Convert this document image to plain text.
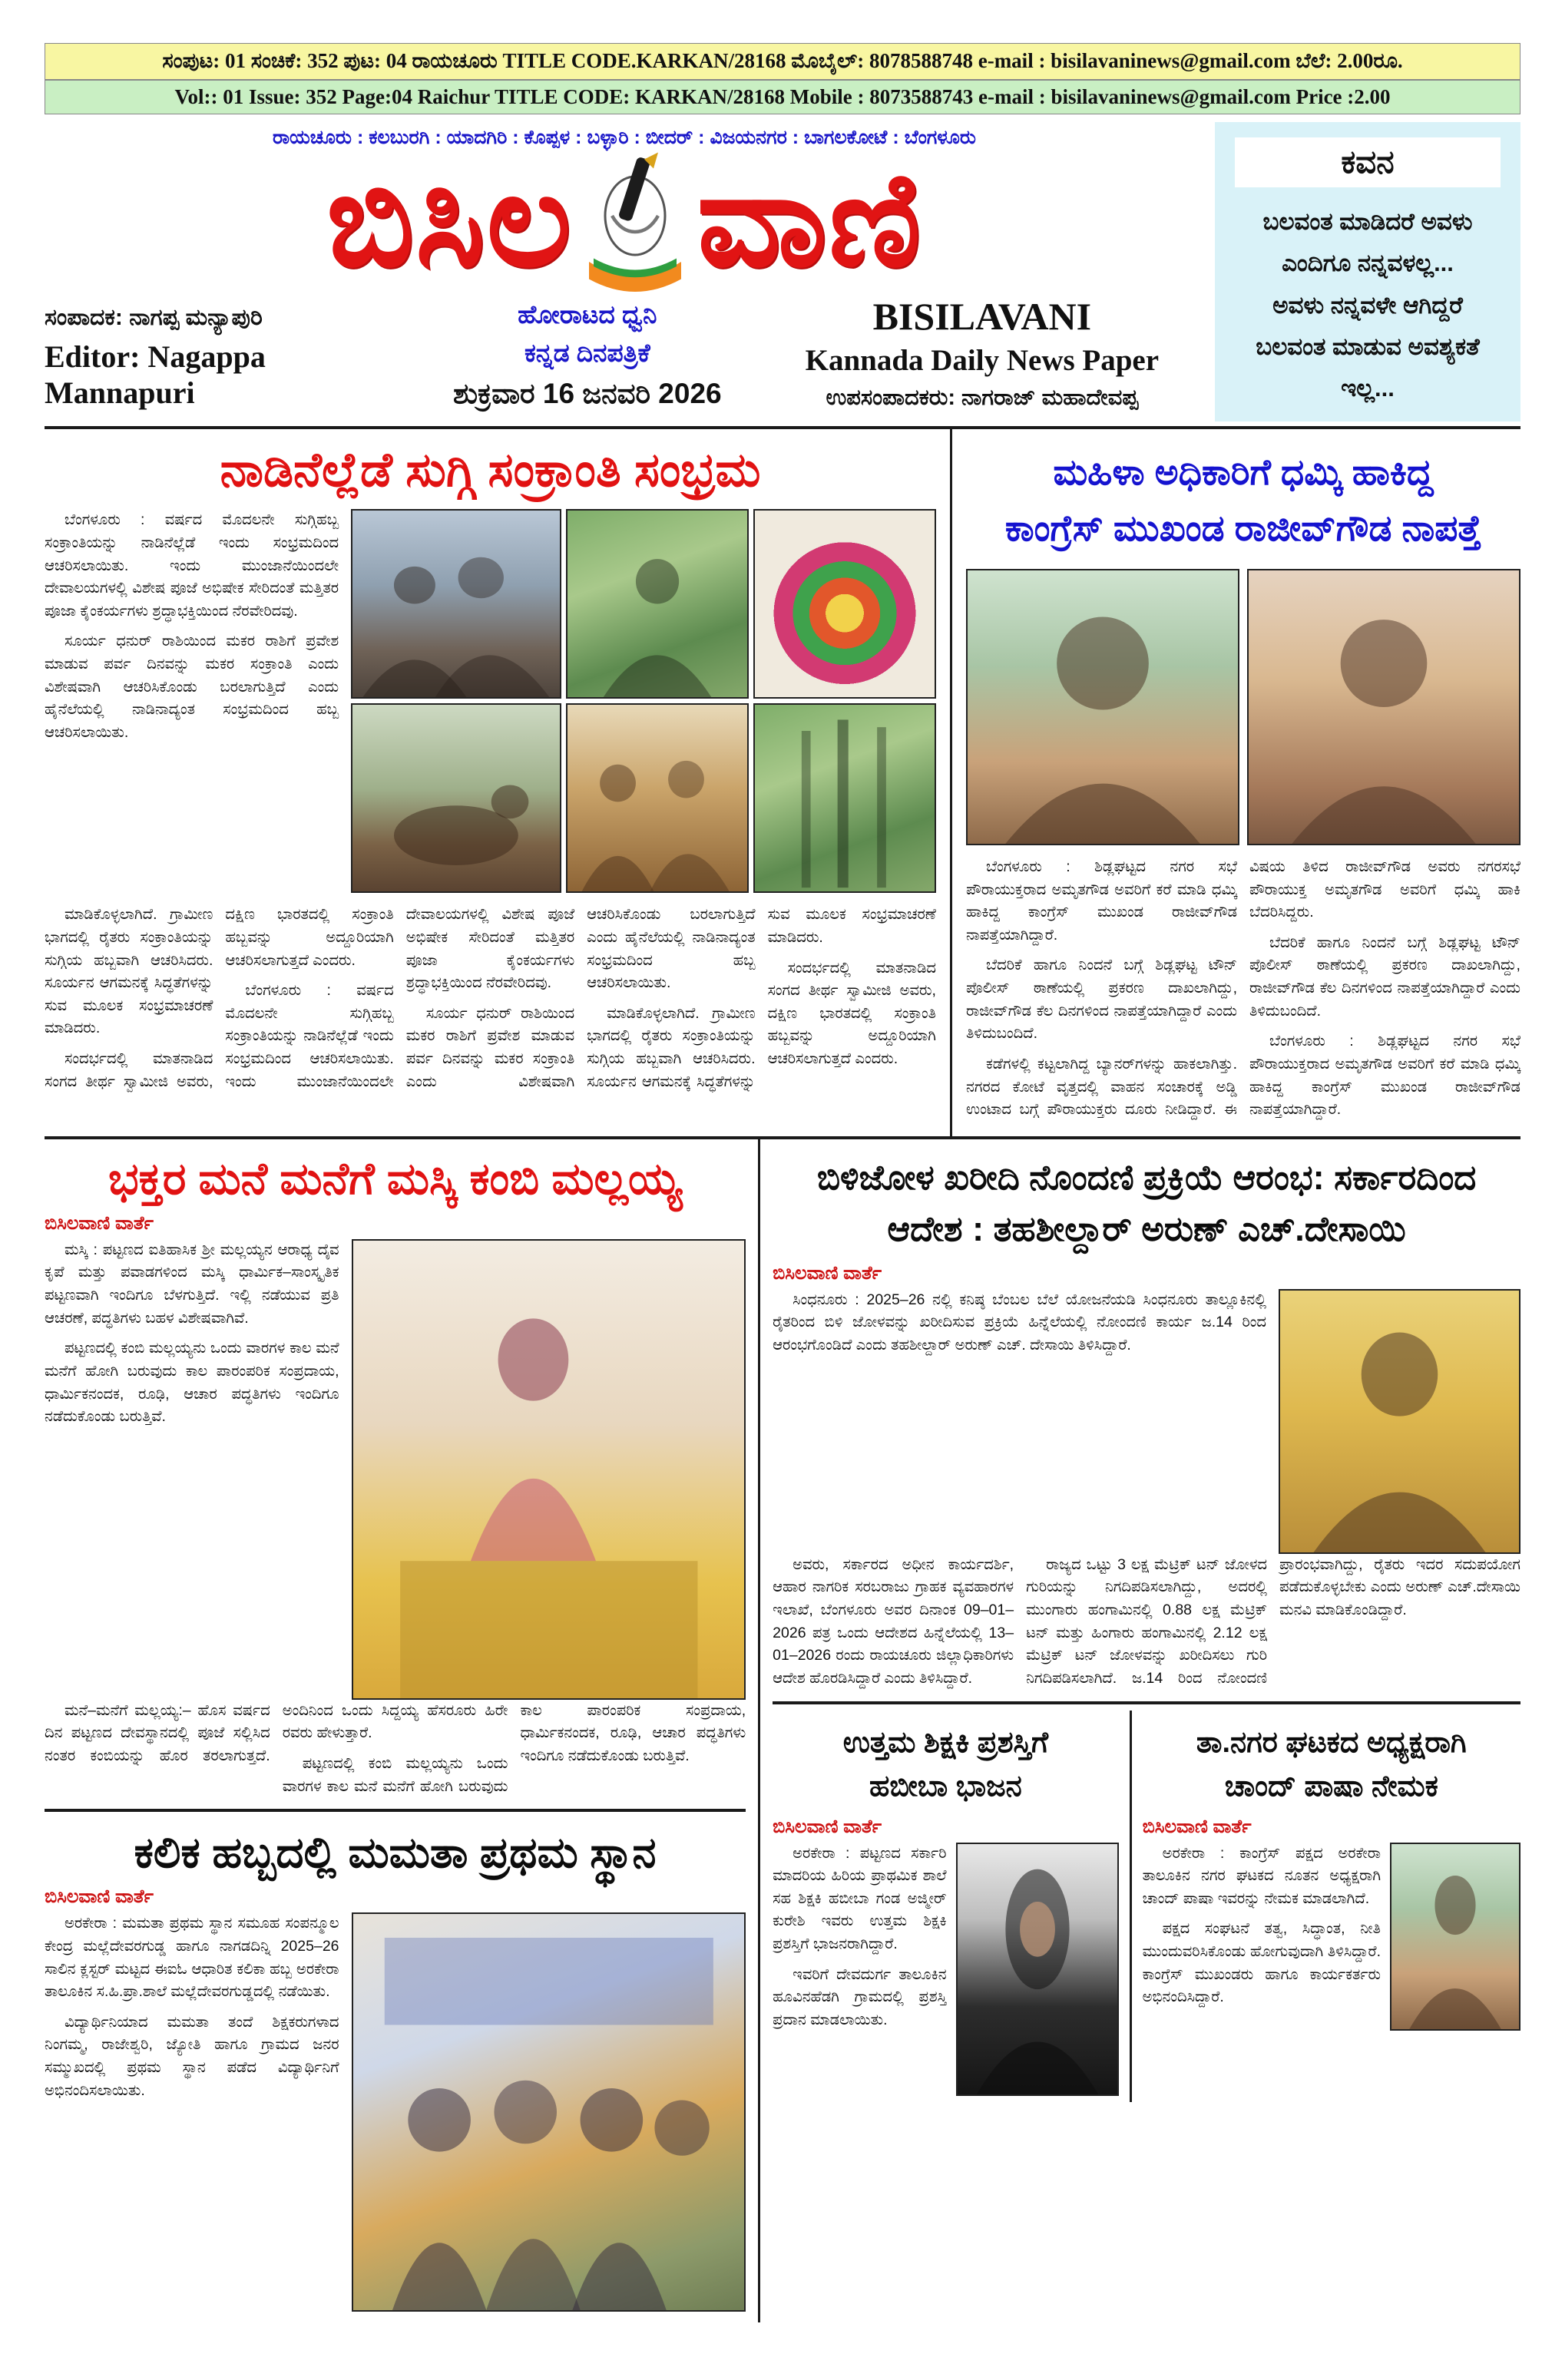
ಸಂಪುಟ: 01 ಸಂಚಿಕೆ: 352 ಪುಟ: 04 ರಾಯಚೂರು TITLE CODE.KARKAN/28168 ಮೊಬೈಲ್: 8078588748 e-mail : bisilavaninews@gmail.com ಬೆಲೆ: 2.00ರೂ.
Vol:: 01 Issue: 352 Page:04 Raichur TITLE CODE: KARKAN/28168 Mobile : 8073588743 e-mail : bisilavaninews@gmail.com Price :2.00
ರಾಯಚೂರು : ಕಲಬುರಗಿ : ಯಾದಗಿರಿ : ಕೊಪ್ಪಳ : ಬಳ್ಳಾರಿ : ಬೀದರ್ : ವಿಜಯನಗರ : ಬಾಗಲಕೋಟೆ : ಬೆಂಗಳೂರು
ಬಿಸಿಲ ವಾಣಿ
ಸಂಪಾದಕ: ನಾಗಪ್ಪ ಮನ್ಯಾಪುರಿ
Editor: Nagappa Mannapuri
ಹೋರಾಟದ ಧ್ವನಿ
ಕನ್ನಡ ದಿನಪತ್ರಿಕೆ
ಶುಕ್ರವಾರ 16 ಜನವರಿ 2026
BISILAVANI
Kannada Daily News Paper
ಉಪಸಂಪಾದಕರು: ನಾಗರಾಜ್ ಮಹಾದೇವಪ್ಪ
ಕವನ
ಬಲವಂತ ಮಾಡಿದರೆ ಅವಳು
ಎಂದಿಗೂ ನನ್ನವಳಲ್ಲ...
ಅವಳು ನನ್ನವಳೇ ಆಗಿದ್ದರೆ
ಬಲವಂತ ಮಾಡುವ ಅವಶ್ಯಕತೆ
ಇಲ್ಲ...
ನಾಡಿನೆಲ್ಲೆಡೆ ಸುಗ್ಗಿ ಸಂಕ್ರಾಂತಿ ಸಂಭ್ರಮ

ಬೆಂಗಳೂರು : ವರ್ಷದ ಮೊದಲನೇ ಸುಗ್ಗಿಹಬ್ಬ ಸಂಕ್ರಾಂತಿಯನ್ನು ನಾಡಿನೆಲ್ಲೆಡೆ ಇಂದು ಸಂಭ್ರಮದಿಂದ ಆಚರಿಸಲಾಯಿತು. ಇಂದು ಮುಂಜಾನೆಯಿಂದಲೇ ದೇವಾಲಯಗಳಲ್ಲಿ ವಿಶೇಷ ಪೂಜೆ ಅಭಿಷೇಕ ಸೇರಿದಂತೆ ಮತ್ತಿತರ ಪೂಜಾ ಕೈಂಕರ್ಯಗಳು ಶ್ರದ್ಧಾಭಕ್ತಿಯಿಂದ ನೆರವೇರಿದವು.

ಸೂರ್ಯ ಧನುರ್ ರಾಶಿಯಿಂದ ಮಕರ ರಾಶಿಗೆ ಪ್ರವೇಶ ಮಾಡುವ ಪರ್ವ ದಿನವನ್ನು ಮಕರ ಸಂಕ್ರಾಂತಿ ಎಂದು ವಿಶೇಷವಾಗಿ ಆಚರಿಸಿಕೊಂಡು ಬರಲಾಗುತ್ತಿದೆ ಎಂದು ಹೈನೆಲೆಯಲ್ಲಿ ನಾಡಿನಾದ್ಯಂತ ಸಂಭ್ರಮದಿಂದ ಹಬ್ಬ ಆಚರಿಸಲಾಯಿತು.

ಮಾಡಿಕೊಳ್ಳಲಾಗಿದೆ. ಗ್ರಾಮೀಣ ಭಾಗದಲ್ಲಿ ರೈತರು ಸಂಕ್ರಾಂತಿಯನ್ನು ಸುಗ್ಗಿಯ ಹಬ್ಬವಾಗಿ ಆಚರಿಸಿದರು. ಸೂರ್ಯನ ಆಗಮನಕ್ಕೆ ಸಿದ್ಧತೆಗಳನ್ನು ಸುವ ಮೂಲಕ ಸಂಭ್ರಮಾಚರಣೆ ಮಾಡಿದರು.

ಸಂದರ್ಭದಲ್ಲಿ ಮಾತನಾಡಿದ ಸಂಗದ ತೀರ್ಥ ಸ್ವಾಮೀಜಿ ಅವರು, ದಕ್ಷಿಣ ಭಾರತದಲ್ಲಿ ಸಂಕ್ರಾಂತಿ ಹಬ್ಬವನ್ನು ಅದ್ದೂರಿಯಾಗಿ ಆಚರಿಸಲಾಗುತ್ತದೆ ಎಂದರು.

ಬೆಂಗಳೂರು : ವರ್ಷದ ಮೊದಲನೇ ಸುಗ್ಗಿಹಬ್ಬ ಸಂಕ್ರಾಂತಿಯನ್ನು ನಾಡಿನೆಲ್ಲೆಡೆ ಇಂದು ಸಂಭ್ರಮದಿಂದ ಆಚರಿಸಲಾಯಿತು. ಇಂದು ಮುಂಜಾನೆಯಿಂದಲೇ ದೇವಾಲಯಗಳಲ್ಲಿ ವಿಶೇಷ ಪೂಜೆ ಅಭಿಷೇಕ ಸೇರಿದಂತೆ ಮತ್ತಿತರ ಪೂಜಾ ಕೈಂಕರ್ಯಗಳು ಶ್ರದ್ಧಾಭಕ್ತಿಯಿಂದ ನೆರವೇರಿದವು.

ಸೂರ್ಯ ಧನುರ್ ರಾಶಿಯಿಂದ ಮಕರ ರಾಶಿಗೆ ಪ್ರವೇಶ ಮಾಡುವ ಪರ್ವ ದಿನವನ್ನು ಮಕರ ಸಂಕ್ರಾಂತಿ ಎಂದು ವಿಶೇಷವಾಗಿ ಆಚರಿಸಿಕೊಂಡು ಬರಲಾಗುತ್ತಿದೆ ಎಂದು ಹೈನೆಲೆಯಲ್ಲಿ ನಾಡಿನಾದ್ಯಂತ ಸಂಭ್ರಮದಿಂದ ಹಬ್ಬ ಆಚರಿಸಲಾಯಿತು.

ಮಾಡಿಕೊಳ್ಳಲಾಗಿದೆ. ಗ್ರಾಮೀಣ ಭಾಗದಲ್ಲಿ ರೈತರು ಸಂಕ್ರಾಂತಿಯನ್ನು ಸುಗ್ಗಿಯ ಹಬ್ಬವಾಗಿ ಆಚರಿಸಿದರು. ಸೂರ್ಯನ ಆಗಮನಕ್ಕೆ ಸಿದ್ಧತೆಗಳನ್ನು ಸುವ ಮೂಲಕ ಸಂಭ್ರಮಾಚರಣೆ ಮಾಡಿದರು.

ಸಂದರ್ಭದಲ್ಲಿ ಮಾತನಾಡಿದ ಸಂಗದ ತೀರ್ಥ ಸ್ವಾಮೀಜಿ ಅವರು, ದಕ್ಷಿಣ ಭಾರತದಲ್ಲಿ ಸಂಕ್ರಾಂತಿ ಹಬ್ಬವನ್ನು ಅದ್ದೂರಿಯಾಗಿ ಆಚರಿಸಲಾಗುತ್ತದೆ ಎಂದರು.

ಮಹಿಳಾ ಅಧಿಕಾರಿಗೆ ಧಮ್ಕಿ ಹಾಕಿದ್ದ
ಕಾಂಗ್ರೆಸ್ ಮುಖಂಡ ರಾಜೀವ್‌ಗೌಡ ನಾಪತ್ತೆ

ಬೆಂಗಳೂರು : ಶಿಡ್ಲಘಟ್ಟದ ನಗರ ಸಭೆ ಪೌರಾಯುಕ್ತರಾದ ಅಮೃತಗೌಡ ಅವರಿಗೆ ಕರೆ ಮಾಡಿ ಧಮ್ಕಿ ಹಾಕಿದ್ದ ಕಾಂಗ್ರೆಸ್ ಮುಖಂಡ ರಾಜೀವ್‌ಗೌಡ ನಾಪತ್ತೆಯಾಗಿದ್ದಾರೆ.

ಬೆದರಿಕೆ ಹಾಗೂ ನಿಂದನೆ ಬಗ್ಗೆ ಶಿಡ್ಲಘಟ್ಟ ಟೌನ್ ಪೊಲೀಸ್ ಠಾಣೆಯಲ್ಲಿ ಪ್ರಕರಣ ದಾಖಲಾಗಿದ್ದು, ರಾಜೀವ್‌ಗೌಡ ಕೆಲ ದಿನಗಳಿಂದ ನಾಪತ್ತೆಯಾಗಿದ್ದಾರೆ ಎಂದು ತಿಳಿದುಬಂದಿದೆ.

ಕಡೆಗಳಲ್ಲಿ ಕಟ್ಟಲಾಗಿದ್ದ ಬ್ಯಾನರ್‌ಗಳನ್ನು ಹಾಕಲಾಗಿತ್ತು. ನಗರದ ಕೋಟೆ ವೃತ್ತದಲ್ಲಿ ವಾಹನ ಸಂಚಾರಕ್ಕೆ ಅಡ್ಡಿ ಉಂಟಾದ ಬಗ್ಗೆ ಪೌರಾಯುಕ್ತರು ದೂರು ನೀಡಿದ್ದಾರೆ. ಈ ವಿಷಯ ತಿಳಿದ ರಾಜೀವ್‌ಗೌಡ ಅವರು ನಗರಸಭೆ ಪೌರಾಯುಕ್ತ ಅಮೃತಗೌಡ ಅವರಿಗೆ ಧಮ್ಕಿ ಹಾಕಿ ಬೆದರಿಸಿದ್ದರು.

ಬೆದರಿಕೆ ಹಾಗೂ ನಿಂದನೆ ಬಗ್ಗೆ ಶಿಡ್ಲಘಟ್ಟ ಟೌನ್ ಪೊಲೀಸ್ ಠಾಣೆಯಲ್ಲಿ ಪ್ರಕರಣ ದಾಖಲಾಗಿದ್ದು, ರಾಜೀವ್‌ಗೌಡ ಕೆಲ ದಿನಗಳಿಂದ ನಾಪತ್ತೆಯಾಗಿದ್ದಾರೆ ಎಂದು ತಿಳಿದುಬಂದಿದೆ.

ಬೆಂಗಳೂರು : ಶಿಡ್ಲಘಟ್ಟದ ನಗರ ಸಭೆ ಪೌರಾಯುಕ್ತರಾದ ಅಮೃತಗೌಡ ಅವರಿಗೆ ಕರೆ ಮಾಡಿ ಧಮ್ಕಿ ಹಾಕಿದ್ದ ಕಾಂಗ್ರೆಸ್ ಮುಖಂಡ ರಾಜೀವ್‌ಗೌಡ ನಾಪತ್ತೆಯಾಗಿದ್ದಾರೆ.

ಭಕ್ತರ ಮನೆ ಮನೆಗೆ ಮಸ್ಕಿ ಕಂಬಿ ಮಲ್ಲಯ್ಯ
ಬಿಸಿಲವಾಣಿ ವಾರ್ತೆ

ಮಸ್ಕಿ : ಪಟ್ಟಣದ ಐತಿಹಾಸಿಕ ಶ್ರೀ ಮಲ್ಲಯ್ಯನ ಆರಾಧ್ಯ ದೈವ ಕೃಪೆ ಮತ್ತು ಪವಾಡಗಳಿಂದ ಮಸ್ಕಿ ಧಾರ್ಮಿಕ–ಸಾಂಸ್ಕೃತಿಕ ಪಟ್ಟಣವಾಗಿ ಇಂದಿಗೂ ಬೆಳಗುತ್ತಿದೆ. ಇಲ್ಲಿ ನಡೆಯುವ ಪ್ರತಿ ಆಚರಣೆ, ಪದ್ಧತಿಗಳು ಬಹಳ ವಿಶೇಷವಾಗಿವೆ.

ಪಟ್ಟಣದಲ್ಲಿ ಕಂಬಿ ಮಲ್ಲಯ್ಯನು ಒಂದು ವಾರಗಳ ಕಾಲ ಮನೆ ಮನೆಗೆ ಹೋಗಿ ಬರುವುದು ಕಾಲ ಪಾರಂಪರಿಕ ಸಂಪ್ರದಾಯ, ಧಾರ್ಮಿಕನಂದಕ, ರೂಢಿ, ಆಚಾರ ಪದ್ಧತಿಗಳು ಇಂದಿಗೂ ನಡೆದುಕೊಂಡು ಬರುತ್ತಿವೆ.

ಮನೆ–ಮನೆಗೆ ಮಲ್ಲಯ್ಯ:– ಹೊಸ ವರ್ಷದ ದಿನ ಪಟ್ಟಣದ ದೇವಸ್ಥಾನದಲ್ಲಿ ಪೂಜೆ ಸಲ್ಲಿಸಿದ ನಂತರ ಕಂಬಿಯನ್ನು ಹೊರ ತರಲಾಗುತ್ತದೆ. ಅಂದಿನಿಂದ ಒಂದು ಸಿದ್ದಯ್ಯ ಹೆಸರೂರು ಹಿರೇ ರವರು ಹೇಳುತ್ತಾರೆ.

ಪಟ್ಟಣದಲ್ಲಿ ಕಂಬಿ ಮಲ್ಲಯ್ಯನು ಒಂದು ವಾರಗಳ ಕಾಲ ಮನೆ ಮನೆಗೆ ಹೋಗಿ ಬರುವುದು ಕಾಲ ಪಾರಂಪರಿಕ ಸಂಪ್ರದಾಯ, ಧಾರ್ಮಿಕನಂದಕ, ರೂಢಿ, ಆಚಾರ ಪದ್ಧತಿಗಳು ಇಂದಿಗೂ ನಡೆದುಕೊಂಡು ಬರುತ್ತಿವೆ.

ಕಲಿಕ ಹಬ್ಬದಲ್ಲಿ ಮಮತಾ ಪ್ರಥಮ ಸ್ಥಾನ
ಬಿಸಿಲವಾಣಿ ವಾರ್ತೆ

ಅರಕೇರಾ : ಮಮತಾ ಪ್ರಥಮ ಸ್ಥಾನ ಸಮೂಹ ಸಂಪನ್ಮೂಲ ಕೇಂದ್ರ ಮಲ್ಲೆದೇವರಗುಡ್ಡ ಹಾಗೂ ನಾಗಡದಿನ್ನಿ 2025–26 ಸಾಲಿನ ಕ್ಲಸ್ಟರ್ ಮಟ್ಟದ ಈಐಓ ಆಧಾರಿತ ಕಲಿಕಾ ಹಬ್ಬ ಅರಕೇರಾ ತಾಲೂಕಿನ ಸ.ಹಿ.ಪ್ರಾ.ಶಾಲೆ ಮಲ್ಲೆದೇವರಗುಡ್ಡದಲ್ಲಿ ನಡೆಯಿತು.

ವಿದ್ಯಾರ್ಥಿನಿಯಾದ ಮಮತಾ ತಂದೆ ಶಿಕ್ಷಕರುಗಳಾದ ನಿಂಗಮ್ಮ, ರಾಜೇಶ್ವರಿ, ಜ್ಯೋತಿ ಹಾಗೂ ಗ್ರಾಮದ ಜನರ ಸಮ್ಮುಖದಲ್ಲಿ ಪ್ರಥಮ ಸ್ಥಾನ ಪಡೆದ ವಿದ್ಯಾರ್ಥಿನಿಗೆ ಅಭಿನಂದಿಸಲಾಯಿತು.

ಬಿಳಿಜೋಳ ಖರೀದಿ ನೊಂದಣಿ ಪ್ರಕ್ರಿಯೆ ಆರಂಭ: ಸರ್ಕಾರದಿಂದ
ಆದೇಶ : ತಹಶೀಲ್ದಾರ್ ಅರುಣ್ ಎಚ್.ದೇಸಾಯಿ
ಬಿಸಿಲವಾಣಿ ವಾರ್ತೆ

ಸಿಂಧನೂರು : 2025–26 ನಲ್ಲಿ ಕನಿಷ್ಠ ಬೆಂಬಲ ಬೆಲೆ ಯೋಜನೆಯಡಿ ಸಿಂಧನೂರು ತಾಲ್ಲೂಕಿನಲ್ಲಿ ರೈತರಿಂದ ಬಿಳಿ ಜೋಳವನ್ನು ಖರೀದಿಸುವ ಪ್ರಕ್ರಿಯೆ ಹಿನ್ನೆಲೆಯಲ್ಲಿ ನೋಂದಣಿ ಕಾರ್ಯ ಜ.14 ರಿಂದ ಆರಂಭಗೊಂಡಿದೆ ಎಂದು ತಹಶೀಲ್ದಾರ್ ಅರುಣ್ ಎಚ್. ದೇಸಾಯಿ ತಿಳಿಸಿದ್ದಾರೆ.

ಅವರು, ಸರ್ಕಾರದ ಅಧೀನ ಕಾರ್ಯದರ್ಶಿ, ಆಹಾರ ನಾಗರಿಕ ಸರಬರಾಜು ಗ್ರಾಹಕ ವ್ಯವಹಾರಗಳ ಇಲಾಖೆ, ಬೆಂಗಳೂರು ಅವರ ದಿನಾಂಕ 09–01–2026 ಪತ್ರ ಒಂದು ಆದೇಶದ ಹಿನ್ನೆಲೆಯಲ್ಲಿ 13–01–2026 ರಂದು ರಾಯಚೂರು ಜಿಲ್ಲಾಧಿಕಾರಿಗಳು ಆದೇಶ ಹೊರಡಿಸಿದ್ದಾರೆ ಎಂದು ತಿಳಿಸಿದ್ದಾರೆ.

ರಾಜ್ಯದ ಒಟ್ಟು 3 ಲಕ್ಷ ಮೆಟ್ರಿಕ್ ಟನ್ ಜೋಳದ ಗುರಿಯನ್ನು ನಿಗದಿಪಡಿಸಲಾಗಿದ್ದು, ಅದರಲ್ಲಿ ಮುಂಗಾರು ಹಂಗಾಮಿನಲ್ಲಿ 0.88 ಲಕ್ಷ ಮೆಟ್ರಿಕ್ ಟನ್ ಮತ್ತು ಹಿಂಗಾರು ಹಂಗಾಮಿನಲ್ಲಿ 2.12 ಲಕ್ಷ ಮೆಟ್ರಿಕ್ ಟನ್ ಜೋಳವನ್ನು ಖರೀದಿಸಲು ಗುರಿ ನಿಗದಿಪಡಿಸಲಾಗಿದೆ. ಜ.14 ರಿಂದ ನೋಂದಣಿ ಪ್ರಾರಂಭವಾಗಿದ್ದು, ರೈತರು ಇದರ ಸದುಪಯೋಗ ಪಡೆದುಕೊಳ್ಳಬೇಕು ಎಂದು ಅರುಣ್ ಎಚ್.ದೇಸಾಯಿ ಮನವಿ ಮಾಡಿಕೊಂಡಿದ್ದಾರೆ.

ಉತ್ತಮ ಶಿಕ್ಷಕಿ ಪ್ರಶಸ್ತಿಗೆ
ಹಬೀಬಾ ಭಾಜನ
ಬಿಸಿಲವಾಣಿ ವಾರ್ತೆ

ಅರಕೇರಾ : ಪಟ್ಟಣದ ಸರ್ಕಾರಿ ಮಾದರಿಯ ಹಿರಿಯ ಪ್ರಾಥಮಿಕ ಶಾಲೆ ಸಹ ಶಿಕ್ಷಕಿ ಹಬೀಬಾ ಗಂಡ ಅಜ್ಮೀರ್ ಕುರೇಶಿ ಇವರು ಉತ್ತಮ ಶಿಕ್ಷಕಿ ಪ್ರಶಸ್ತಿಗೆ ಭಾಜನರಾಗಿದ್ದಾರೆ.

ಇವರಿಗೆ ದೇವದುರ್ಗ ತಾಲೂಕಿನ ಹೂವಿನಹೆಡಗಿ ಗ್ರಾಮದಲ್ಲಿ ಪ್ರಶಸ್ತಿ ಪ್ರದಾನ ಮಾಡಲಾಯಿತು.

ತಾ.ನಗರ ಘಟಕದ ಅಧ್ಯಕ್ಷರಾಗಿ
ಚಾಂದ್ ಪಾಷಾ ನೇಮಕ
ಬಿಸಿಲವಾಣಿ ವಾರ್ತೆ

ಅರಕೇರಾ : ಕಾಂಗ್ರೆಸ್ ಪಕ್ಷದ ಅರಕೇರಾ ತಾಲೂಕಿನ ನಗರ ಘಟಕದ ನೂತನ ಅಧ್ಯಕ್ಷರಾಗಿ ಚಾಂದ್ ಪಾಷಾ ಇವರನ್ನು ನೇಮಕ ಮಾಡಲಾಗಿದೆ.

ಪಕ್ಷದ ಸಂಘಟನೆ ತತ್ವ, ಸಿದ್ಧಾಂತ, ನೀತಿ ಮುಂದುವರಿಸಿಕೊಂಡು ಹೋಗುವುದಾಗಿ ತಿಳಿಸಿದ್ದಾರೆ. ಕಾಂಗ್ರೆಸ್ ಮುಖಂಡರು ಹಾಗೂ ಕಾರ್ಯಕರ್ತರು ಅಭಿನಂದಿಸಿದ್ದಾರೆ.
